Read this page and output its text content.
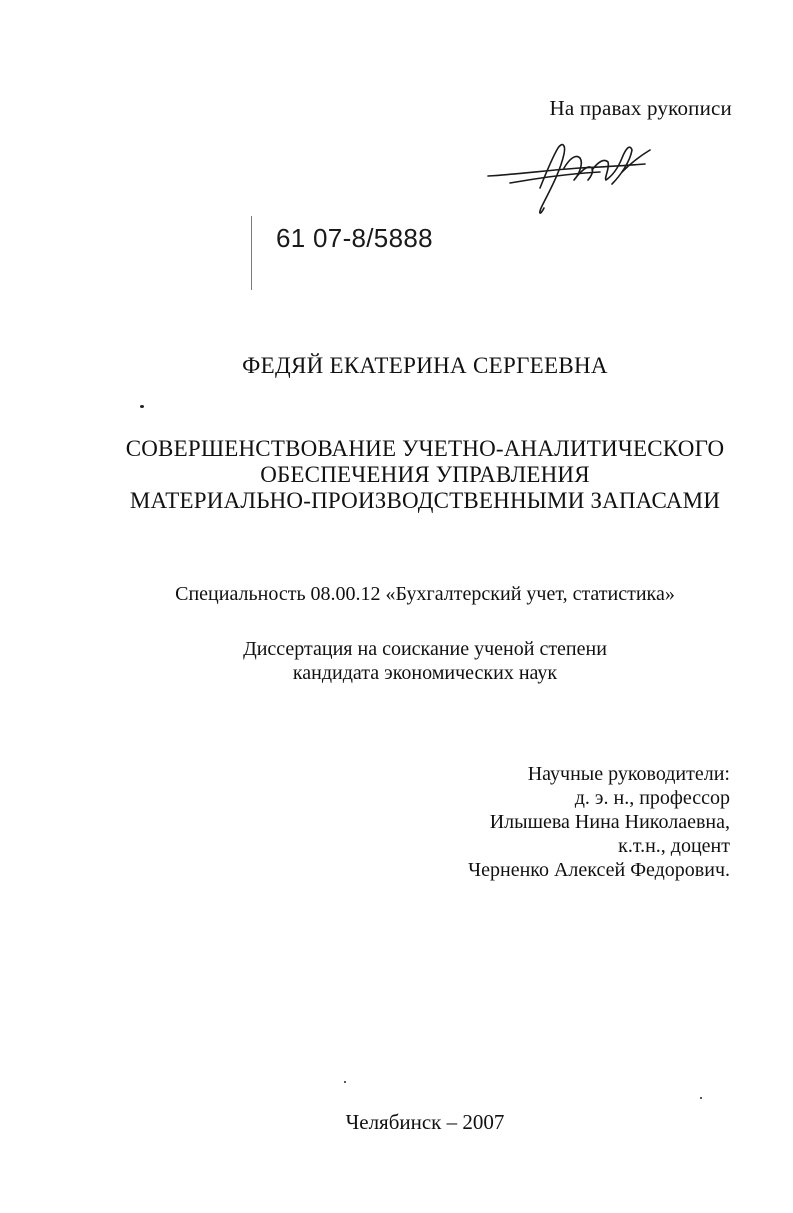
На правах рукописи
61 07-8/5888
ФЕДЯЙ ЕКАТЕРИНА СЕРГЕЕВНА
СОВЕРШЕНСТВОВАНИЕ УЧЕТНО-АНАЛИТИЧЕСКОГО
ОБЕСПЕЧЕНИЯ УПРАВЛЕНИЯ
МАТЕРИАЛЬНО-ПРОИЗВОДСТВЕННЫМИ ЗАПАСАМИ
Специальность 08.00.12 «Бухгалтерский учет, статистика»
Диссертация на соискание ученой степени
кандидата экономических наук
Научные руководители:
д. э. н., профессор
Илышева Нина Николаевна,
к.т.н., доцент
Черненко Алексей Федорович.
Челябинск – 2007
